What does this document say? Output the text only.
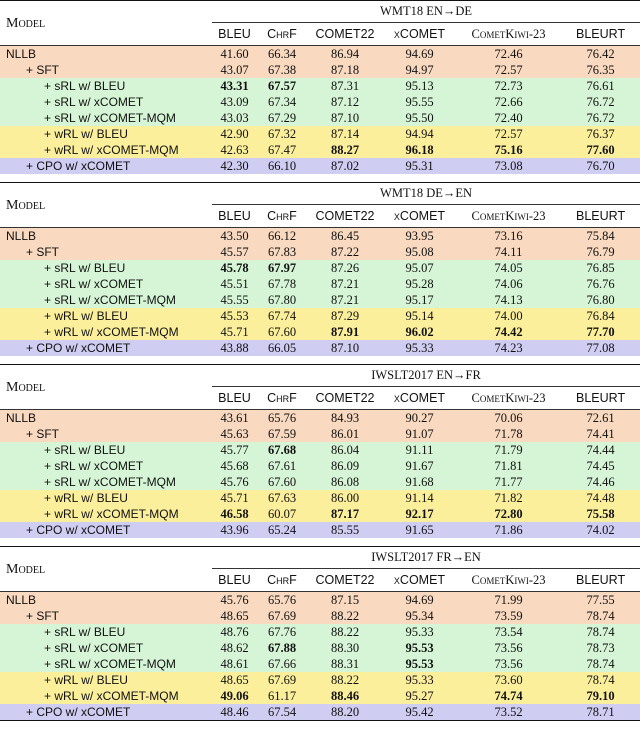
Model	WMT18 EN→DE					
	BLEU	ChrF	COMET22	xCOMET	CometKiwi-23	BLEURT
NLLB	41.60	66.34	86.94	94.69	72.46	76.42
+ SFT	43.07	67.38	87.18	94.97	72.57	76.35
+ sRL w/ BLEU	43.31	67.57	87.31	95.13	72.73	76.61
+ sRL w/ xCOMET	43.09	67.34	87.12	95.55	72.66	76.72
+ sRL w/ xCOMET-MQM	43.03	67.29	87.10	95.50	72.40	76.72
+ wRL w/ BLEU	42.90	67.32	87.14	94.94	72.57	76.37
+ wRL w/ xCOMET-MQM	42.63	67.47	88.27	96.18	75.16	77.60
+ CPO w/ xCOMET	42.30	66.10	87.02	95.31	73.08	76.70

Model	WMT18 DE→EN					
	BLEU	ChrF	COMET22	xCOMET	CometKiwi-23	BLEURT
NLLB	43.50	66.12	86.45	93.95	73.16	75.84
+ SFT	45.57	67.83	87.22	95.08	74.11	76.79
+ sRL w/ BLEU	45.78	67.97	87.26	95.07	74.05	76.85
+ sRL w/ xCOMET	45.51	67.78	87.21	95.28	74.06	76.76
+ sRL w/ xCOMET-MQM	45.55	67.80	87.21	95.17	74.13	76.80
+ wRL w/ BLEU	45.53	67.74	87.29	95.14	74.00	76.84
+ wRL w/ xCOMET-MQM	45.71	67.60	87.91	96.02	74.42	77.70
+ CPO w/ xCOMET	43.88	66.05	87.10	95.33	74.23	77.08

Model	IWSLT2017 EN→FR					
	BLEU	ChrF	COMET22	xCOMET	CometKiwi-23	BLEURT
NLLB	43.61	65.76	84.93	90.27	70.06	72.61
+ SFT	45.63	67.59	86.01	91.07	71.78	74.41
+ sRL w/ BLEU	45.77	67.68	86.04	91.11	71.79	74.44
+ sRL w/ xCOMET	45.68	67.61	86.09	91.67	71.81	74.45
+ sRL w/ xCOMET-MQM	45.76	67.60	86.08	91.68	71.77	74.46
+ wRL w/ BLEU	45.71	67.63	86.00	91.14	71.82	74.48
+ wRL w/ xCOMET-MQM	46.58	60.07	87.17	92.17	72.80	75.58
+ CPO w/ xCOMET	43.96	65.24	85.55	91.65	71.86	74.02

Model	IWSLT2017 FR→EN					
	BLEU	ChrF	COMET22	xCOMET	CometKiwi-23	BLEURT
NLLB	45.76	65.76	87.15	94.69	71.99	77.55
+ SFT	48.65	67.69	88.22	95.34	73.59	78.74
+ sRL w/ BLEU	48.76	67.76	88.22	95.33	73.54	78.74
+ sRL w/ xCOMET	48.62	67.88	88.30	95.53	73.56	78.73
+ sRL w/ xCOMET-MQM	48.61	67.66	88.31	95.53	73.56	78.74
+ wRL w/ BLEU	48.65	67.69	88.22	95.33	73.60	78.74
+ wRL w/ xCOMET-MQM	49.06	61.17	88.46	95.27	74.74	79.10
+ CPO w/ xCOMET	48.46	67.54	88.20	95.42	73.52	78.71
